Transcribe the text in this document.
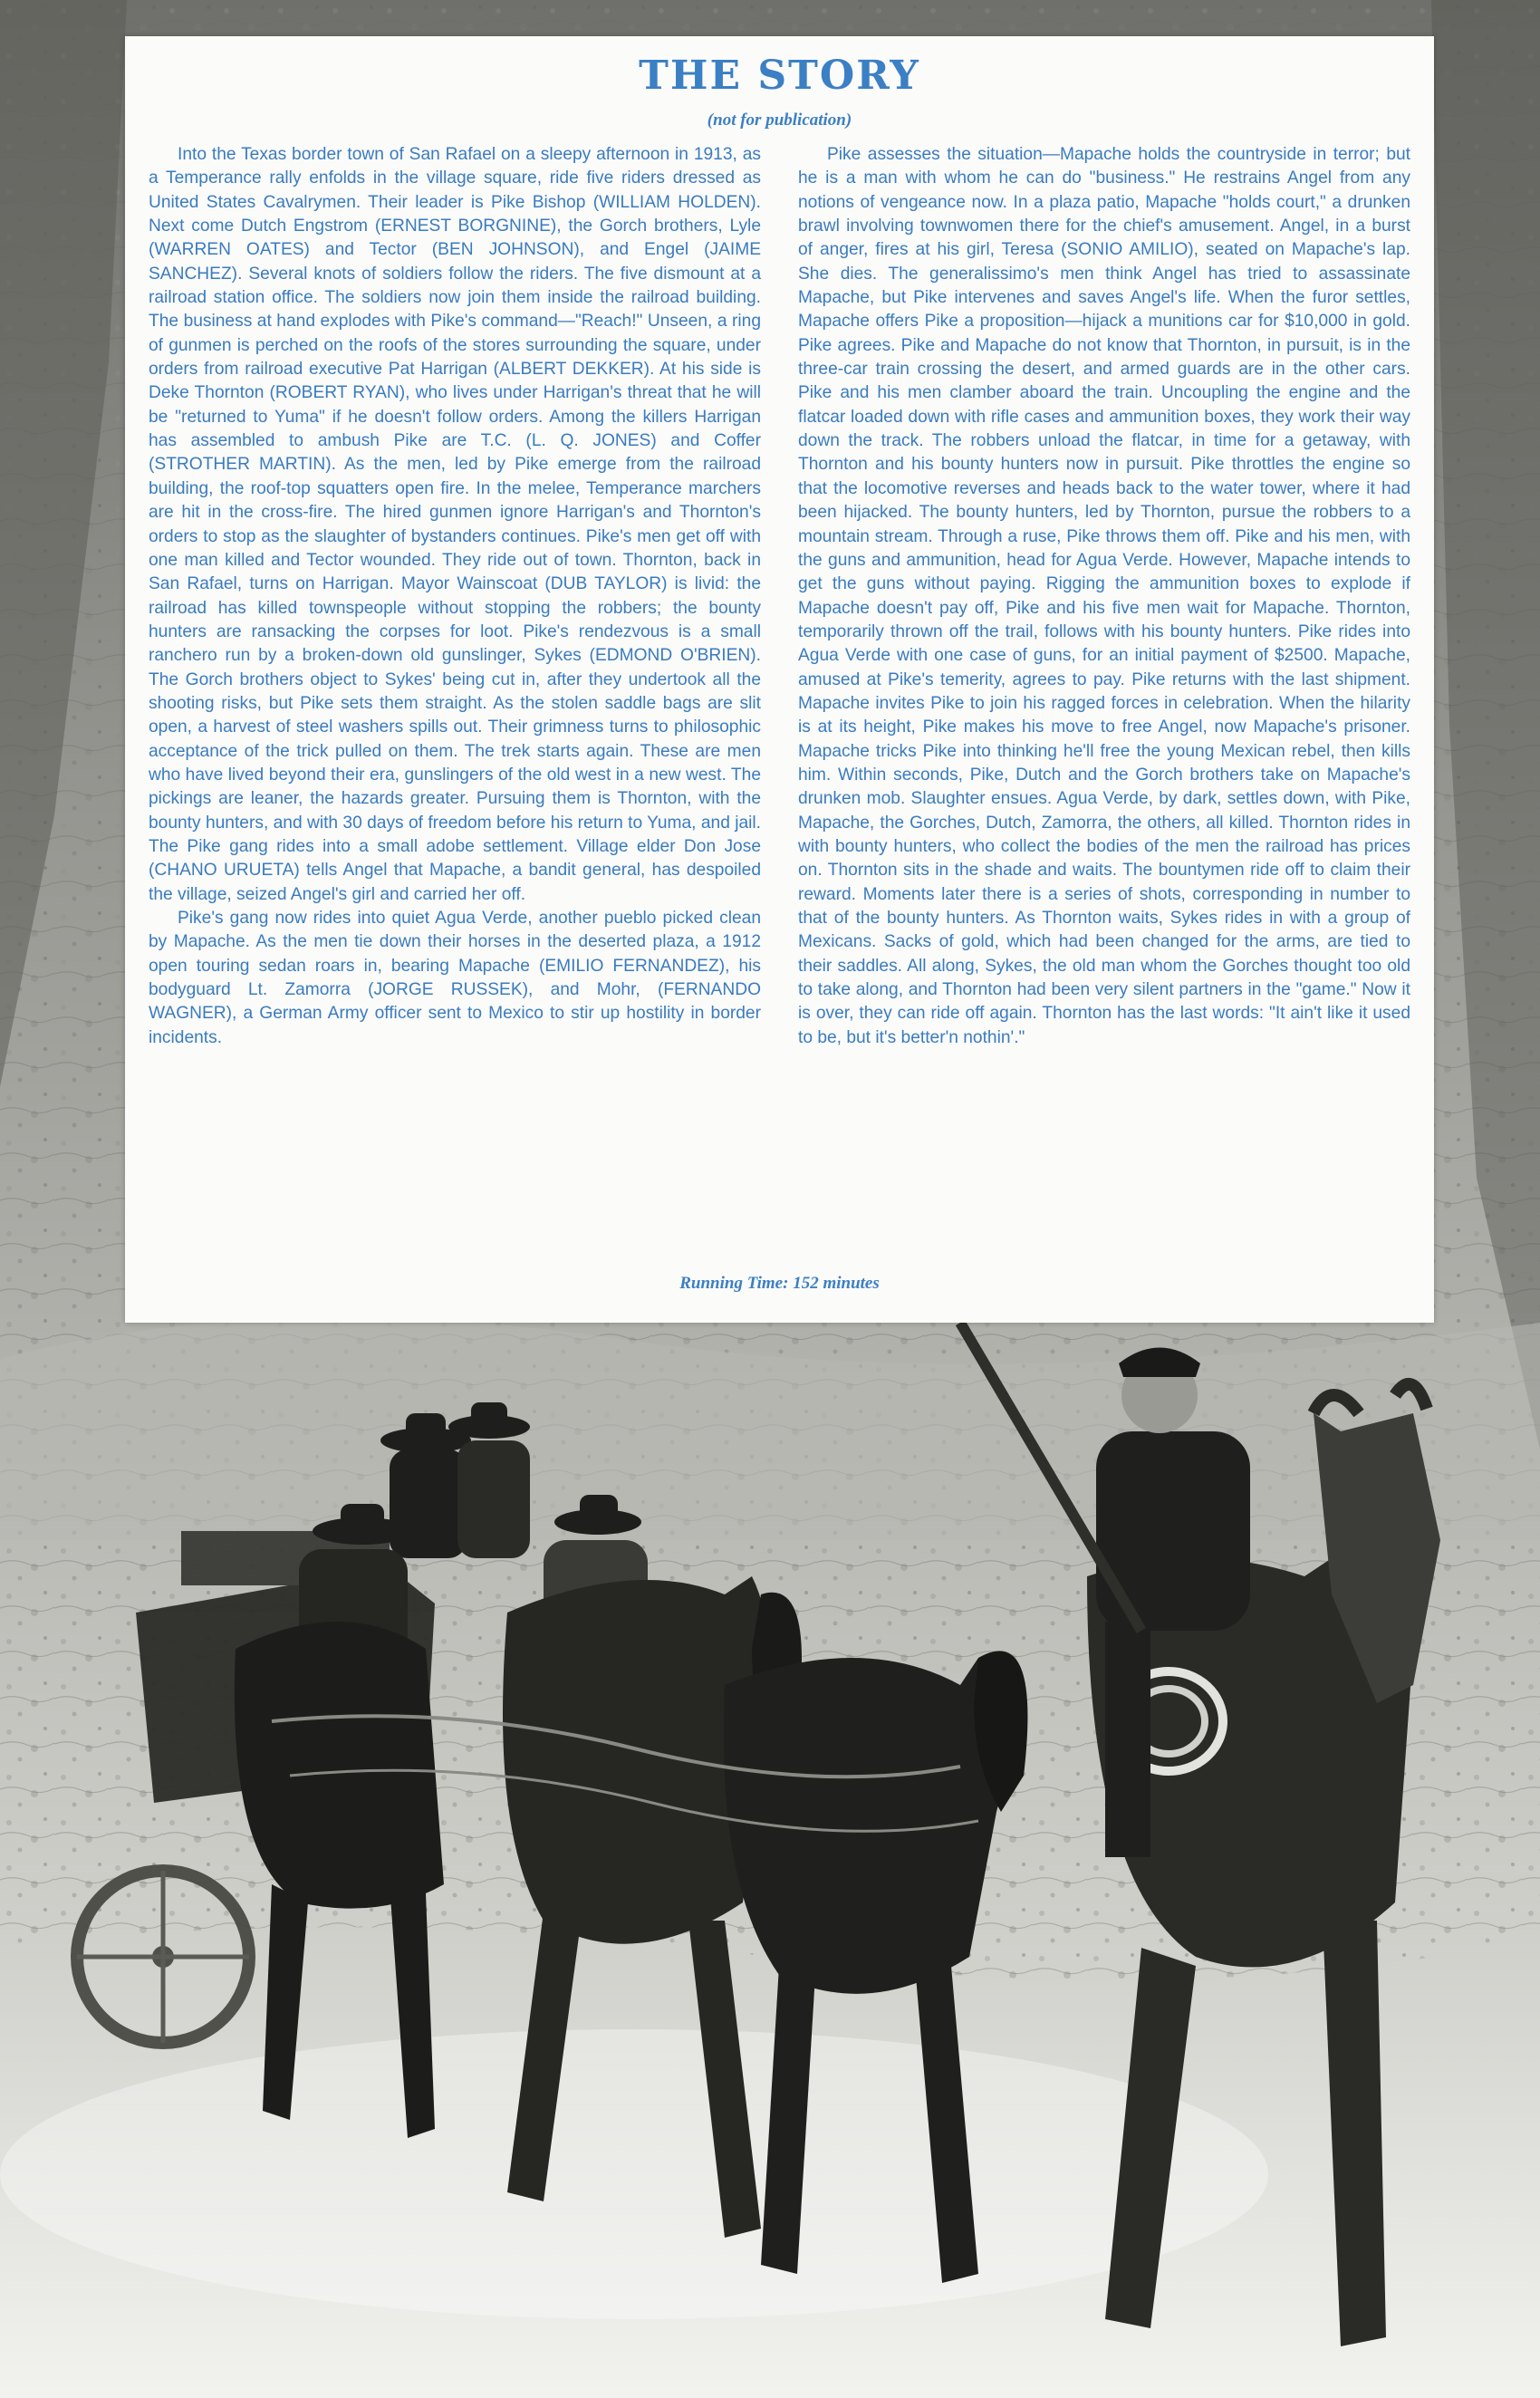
THE STORY
(not for publication)

Into the Texas border town of San Rafael on a sleepy afternoon in 1913, as a Temperance rally enfolds in the village square, ride five riders dressed as United States Cavalrymen. Their leader is Pike Bishop (WILLIAM HOLDEN). Next come Dutch Engstrom (ERNEST BORGNINE), the Gorch brothers, Lyle (WARREN OATES) and Tector (BEN JOHNSON), and Engel (JAIME SANCHEZ). Several knots of soldiers follow the riders. The five dismount at a railroad station office. The soldiers now join them inside the railroad building. The business at hand explodes with Pike's command—"Reach!" Unseen, a ring of gunmen is perched on the roofs of the stores surrounding the square, under orders from railroad executive Pat Harrigan (ALBERT DEKKER). At his side is Deke Thornton (ROBERT RYAN), who lives under Harrigan's threat that he will be "returned to Yuma" if he doesn't follow orders. Among the killers Harrigan has assembled to ambush Pike are T.C. (L. Q. JONES) and Coffer (STROTHER MARTIN). As the men, led by Pike emerge from the railroad building, the roof-top squatters open fire. In the melee, Temperance marchers are hit in the cross-fire. The hired gunmen ignore Harrigan's and Thornton's orders to stop as the slaughter of bystanders continues. Pike's men get off with one man killed and Tector wounded. They ride out of town. Thornton, back in San Rafael, turns on Harrigan. Mayor Wainscoat (DUB TAYLOR) is livid: the railroad has killed townspeople without stopping the robbers; the bounty hunters are ransacking the corpses for loot. Pike's rendezvous is a small ranchero run by a broken-down old gunslinger, Sykes (EDMOND O'BRIEN). The Gorch brothers object to Sykes' being cut in, after they undertook all the shooting risks, but Pike sets them straight. As the stolen saddle bags are slit open, a harvest of steel washers spills out. Their grimness turns to philosophic acceptance of the trick pulled on them. The trek starts again. These are men who have lived beyond their era, gunslingers of the old west in a new west. The pickings are leaner, the hazards greater. Pursuing them is Thornton, with the bounty hunters, and with 30 days of freedom before his return to Yuma, and jail. The Pike gang rides into a small adobe settlement. Village elder Don Jose (CHANO URUETA) tells Angel that Mapache, a bandit general, has despoiled the village, seized Angel's girl and carried her off.

Pike's gang now rides into quiet Agua Verde, another pueblo picked clean by Mapache. As the men tie down their horses in the deserted plaza, a 1912 open touring sedan roars in, bearing Mapache (EMILIO FERNANDEZ), his bodyguard Lt. Zamorra (JORGE RUSSEK), and Mohr, (FERNANDO WAGNER), a German Army officer sent to Mexico to stir up hostility in border incidents.

Pike assesses the situation—Mapache holds the countryside in terror; but he is a man with whom he can do "business." He restrains Angel from any notions of vengeance now. In a plaza patio, Mapache "holds court," a drunken brawl involving townwomen there for the chief's amusement. Angel, in a burst of anger, fires at his girl, Teresa (SONIO AMILIO), seated on Mapache's lap. She dies. The generalissimo's men think Angel has tried to assassinate Mapache, but Pike intervenes and saves Angel's life. When the furor settles, Mapache offers Pike a proposition—hijack a munitions car for $10,000 in gold. Pike agrees. Pike and Mapache do not know that Thornton, in pursuit, is in the three-car train crossing the desert, and armed guards are in the other cars. Pike and his men clamber aboard the train. Uncoupling the engine and the flatcar loaded down with rifle cases and ammunition boxes, they work their way down the track. The robbers unload the flatcar, in time for a getaway, with Thornton and his bounty hunters now in pursuit. Pike throttles the engine so that the locomotive reverses and heads back to the water tower, where it had been hijacked. The bounty hunters, led by Thornton, pursue the robbers to a mountain stream. Through a ruse, Pike throws them off. Pike and his men, with the guns and ammunition, head for Agua Verde. However, Mapache intends to get the guns without paying. Rigging the ammunition boxes to explode if Mapache doesn't pay off, Pike and his five men wait for Mapache. Thornton, temporarily thrown off the trail, follows with his bounty hunters. Pike rides into Agua Verde with one case of guns, for an initial payment of $2500. Mapache, amused at Pike's temerity, agrees to pay. Pike returns with the last shipment. Mapache invites Pike to join his ragged forces in celebration. When the hilarity is at its height, Pike makes his move to free Angel, now Mapache's prisoner. Mapache tricks Pike into thinking he'll free the young Mexican rebel, then kills him. Within seconds, Pike, Dutch and the Gorch brothers take on Mapache's drunken mob. Slaughter ensues. Agua Verde, by dark, settles down, with Pike, Mapache, the Gorches, Dutch, Zamorra, the others, all killed. Thornton rides in with bounty hunters, who collect the bodies of the men the railroad has prices on. Thornton sits in the shade and waits. The bountymen ride off to claim their reward. Moments later there is a series of shots, corresponding in number to that of the bounty hunters. As Thornton waits, Sykes rides in with a group of Mexicans. Sacks of gold, which had been changed for the arms, are tied to their saddles. All along, Sykes, the old man whom the Gorches thought too old to take along, and Thornton had been very silent partners in the "game." Now it is over, they can ride off again. Thornton has the last words: "It ain't like it used to be, but it's better'n nothin'."

Running Time: 152 minutes
